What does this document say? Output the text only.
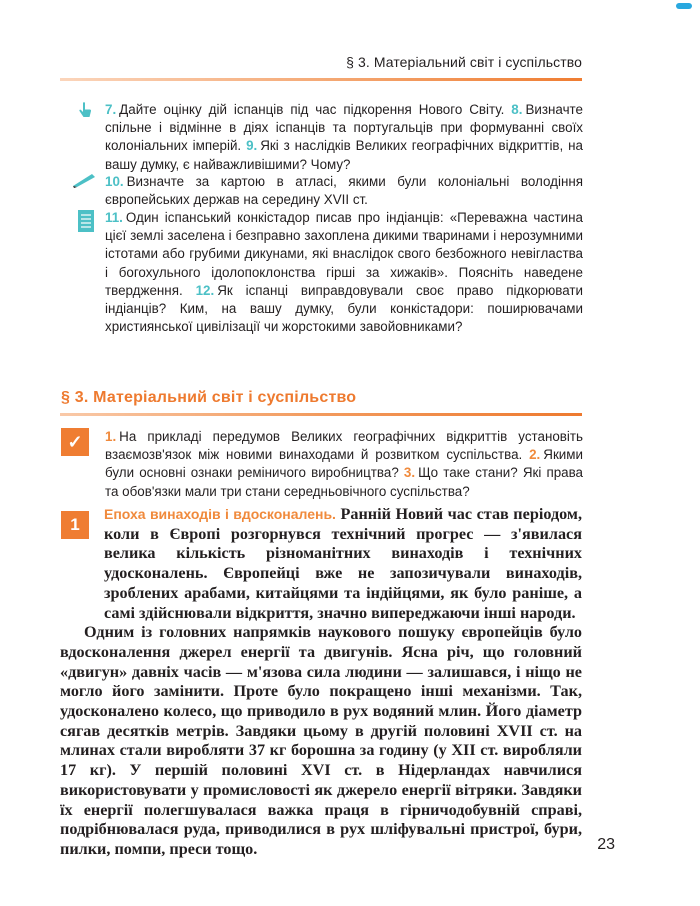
§ 3. Матеріальний світ і суспільство
7. Дайте оцінку дій іспанців під час підкорення Нового Світу. 8. Визначте спільне і відмінне в діях іспанців та португальців при формуванні своїх колоніальних імперій. 9. Які з наслідків Великих географічних відкриттів, на вашу думку, є найважливішими? Чому?
10. Визначте за картою в атласі, якими були колоніальні володіння європейських держав на середину XVII ст.
11. Один іспанський конкістадор писав про індіанців: «Переважна частина цієї землі заселена і безправно захоплена дикими тваринами і нерозумними істотами або грубими дикунами, які внаслідок свого безбожного невігластва і богохульного ідолопоклонства гірші за хижаків». Поясніть наведене твердження. 12. Як іспанці виправдовували своє право підкорювати індіанців? Ким, на вашу думку, були конкістадори: поширювачами християнської цивілізації чи жорстокими завойовниками?
§ 3. Матеріальний світ і суспільство
✓	1. На прикладі передумов Великих географічних відкриттів установіть взаємозв'язок між новими винаходами й розвитком суспільства. 2. Якими були основні ознаки реміничого виробництва? 3. Що таке стани? Які права та обов'язки мали три стани середньовічного суспільства?
1

Епоха винаходів і вдосконалень. Ранній Новий час став періодом, коли в Європі розгорнувся технічний прогрес — з'явилася велика кількість різноманітних винаходів і технічних удосконалень. Європейці вже не запозичували винаходів, зроблених арабами, китайцями та індійцями, як було раніше, а самі здійснювали відкриття, значно випереджаючи інші народи.

Одним із головних напрямків наукового пошуку європейців було вдосконалення джерел енергії та двигунів. Ясна річ, що головний «двигун» давніх часів — м'язова сила людини — залишався, і ніщо не могло його замінити. Проте було покращено інші механізми. Так, удосконалено колесо, що приводило в рух водяний млин. Його діаметр сягав десятків метрів. Завдяки цьому в другій половині XVII ст. на млинах стали виробляти 37 кг борошна за годину (у XII ст. виробляли 17 кг). У першій половині XVI ст. в Нідерландах навчилися використовувати у промисловості як джерело енергії вітряки. Завдяки їх енергії полегшувалася важка праця в гірничодобувній справі, подрібнювалася руда, приводилися в рух шліфувальні пристрої, бури, пилки, помпи, преси тощо.	23
